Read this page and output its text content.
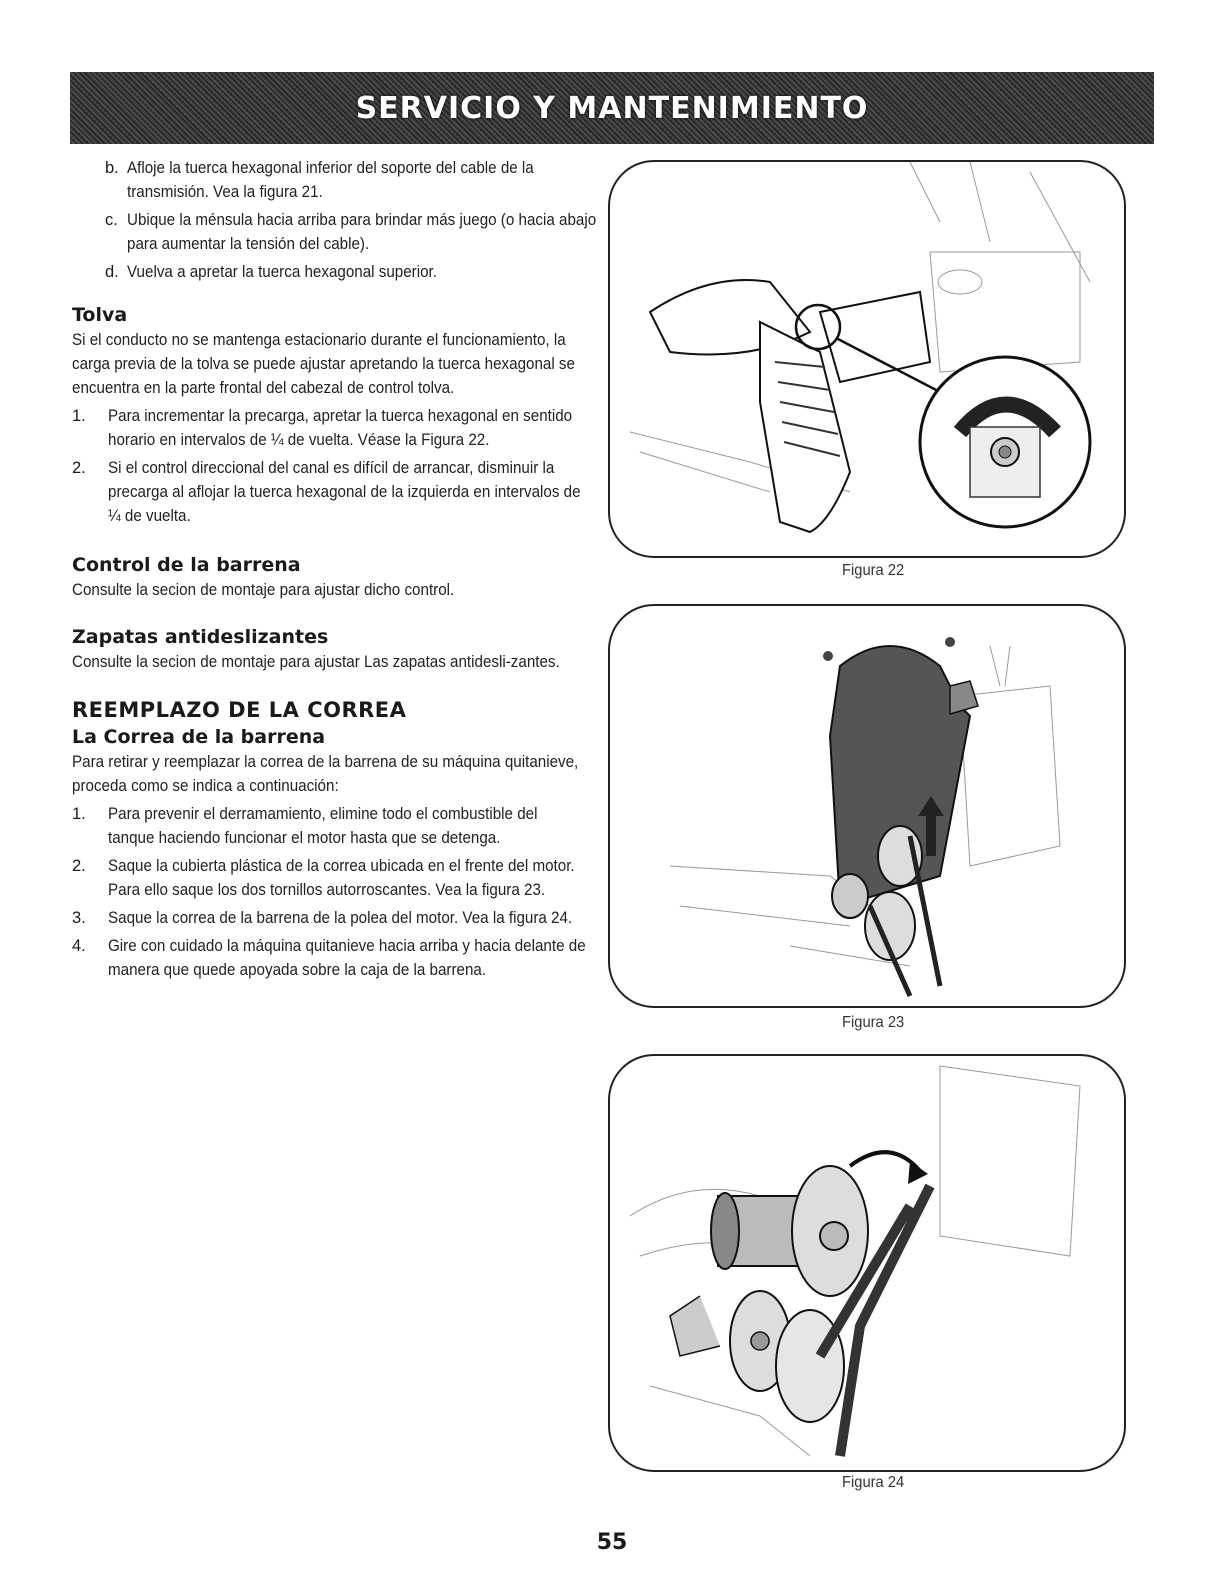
SERVICIO Y MANTENIMIENTO
b. Afloje la tuerca hexagonal inferior del soporte del cable de la transmisión. Vea la figura 21.

c. Ubique la ménsula hacia arriba para brindar más juego (o hacia abajo para aumentar la tensión del cable).

d. Vuelva a apretar la tuerca hexagonal superior.

Tolva

Si el conducto no se mantenga estacionario durante el funcionamiento, la carga previa de la tolva se puede ajustar apretando la tuerca hexagonal se encuentra en la parte frontal del cabezal de control tolva.

1. Para incrementar la precarga, apretar la tuerca hexagonal en sentido horario en intervalos de ¼ de vuelta. Véase la Figura 22.

2. Si el control direccional del canal es difícil de arrancar, disminuir la precarga al aflojar la tuerca hexagonal de la izquierda en intervalos de ¼ de vuelta.

Control de la barrena

Consulte la secion de montaje para ajustar dicho control.

Zapatas antideslizantes

Consulte la secion de montaje para ajustar Las zapatas antidesli-zantes.

REEMPLAZO DE LA CORREA
La Correa de la barrena

Para retirar y reemplazar la correa de la barrena de su máquina quitanieve, proceda como se indica a continuación:

1. Para prevenir el derramamiento, elimine todo el combustible del tanque haciendo funcionar el motor hasta que se detenga.

2. Saque la cubierta plástica de la correa ubicada en el frente del motor. Para ello saque los dos tornillos autorroscantes. Vea la figura 23.

3. Saque la correa de la barrena de la polea del motor. Vea la figura 24.

4. Gire con cuidado la máquina quitanieve hacia arriba y hacia delante de manera que quede apoyada sobre la caja de la barrena.

Figura 22
Figura 23
Figura 24
55
